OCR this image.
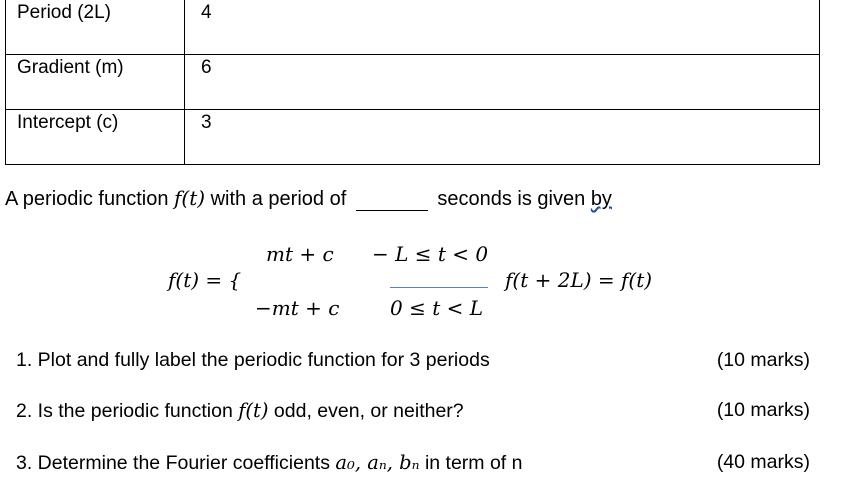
Period (2L)	4
Gradient (m)	6
Intercept (c)	3
A periodic function f(t) with a period of	seconds is given by
f(t) = {
mt + c − L ≤ t < 0
−mt + c	0 ≤ t < L
f(t + 2L) = f(t)
1. Plot and fully label the periodic function for 3 periods	(10 marks)
2. Is the periodic function f(t) odd, even, or neither?	(10 marks)
3. Determine the Fourier coefficients a₀, aₙ, bₙ in term of n	(40 marks)
